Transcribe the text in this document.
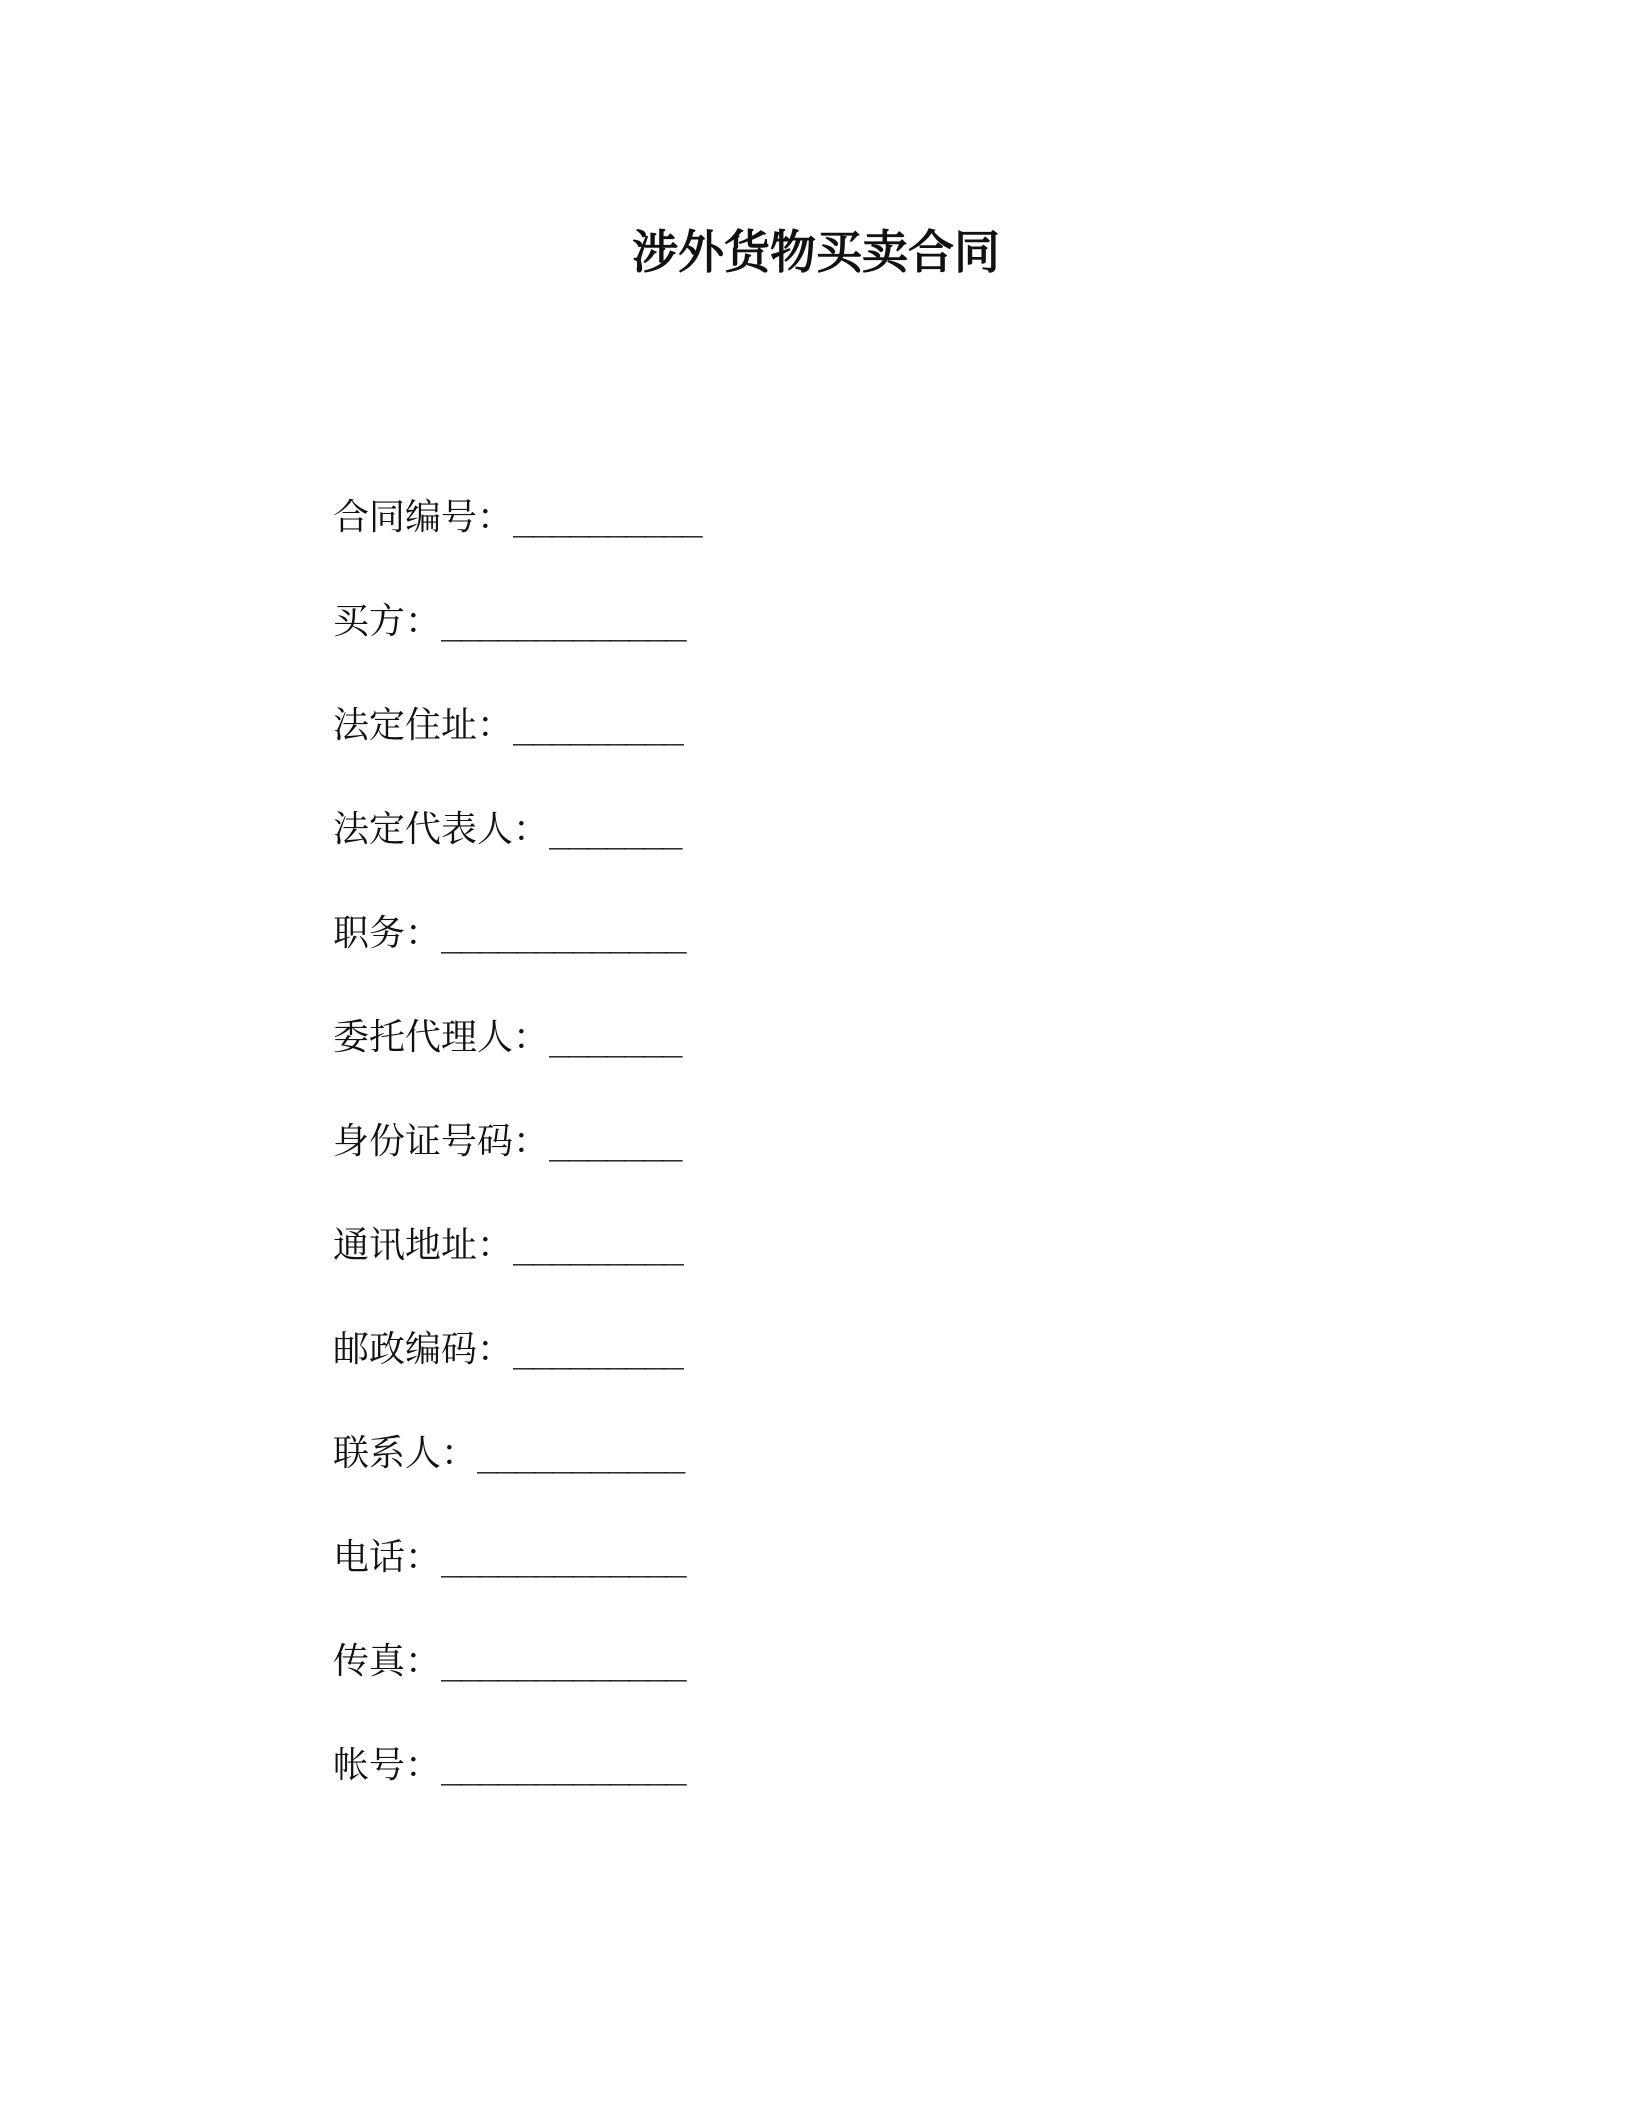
涉外货物买卖合同
合同编号：__________
买方：_____________
法定住址：_________
法定代表人：_______
职务：_____________
委托代理人：_______
身份证号码：_______
通讯地址：_________
邮政编码：_________
联系人：___________
电话：_____________
传真：_____________
帐号：_____________
